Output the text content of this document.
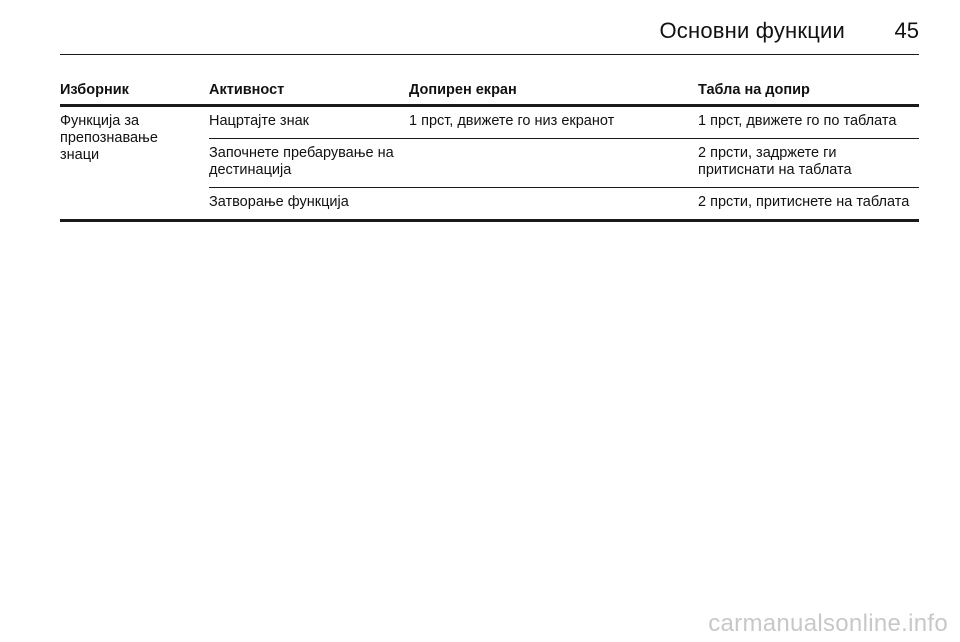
Основни функции 45
Изборник	Активност	Допирен екран	Табла на допир
Функција за препознавање знаци	Нацртајте знак	1 прст, движете го низ екранот	1 прст, движете го по таблата
	Започнете пребарување на дестинација		2 прсти, задржете ги притиснати на таблата
	Затворање функција		2 прсти, притиснете на таблата
carmanualsonline.info
